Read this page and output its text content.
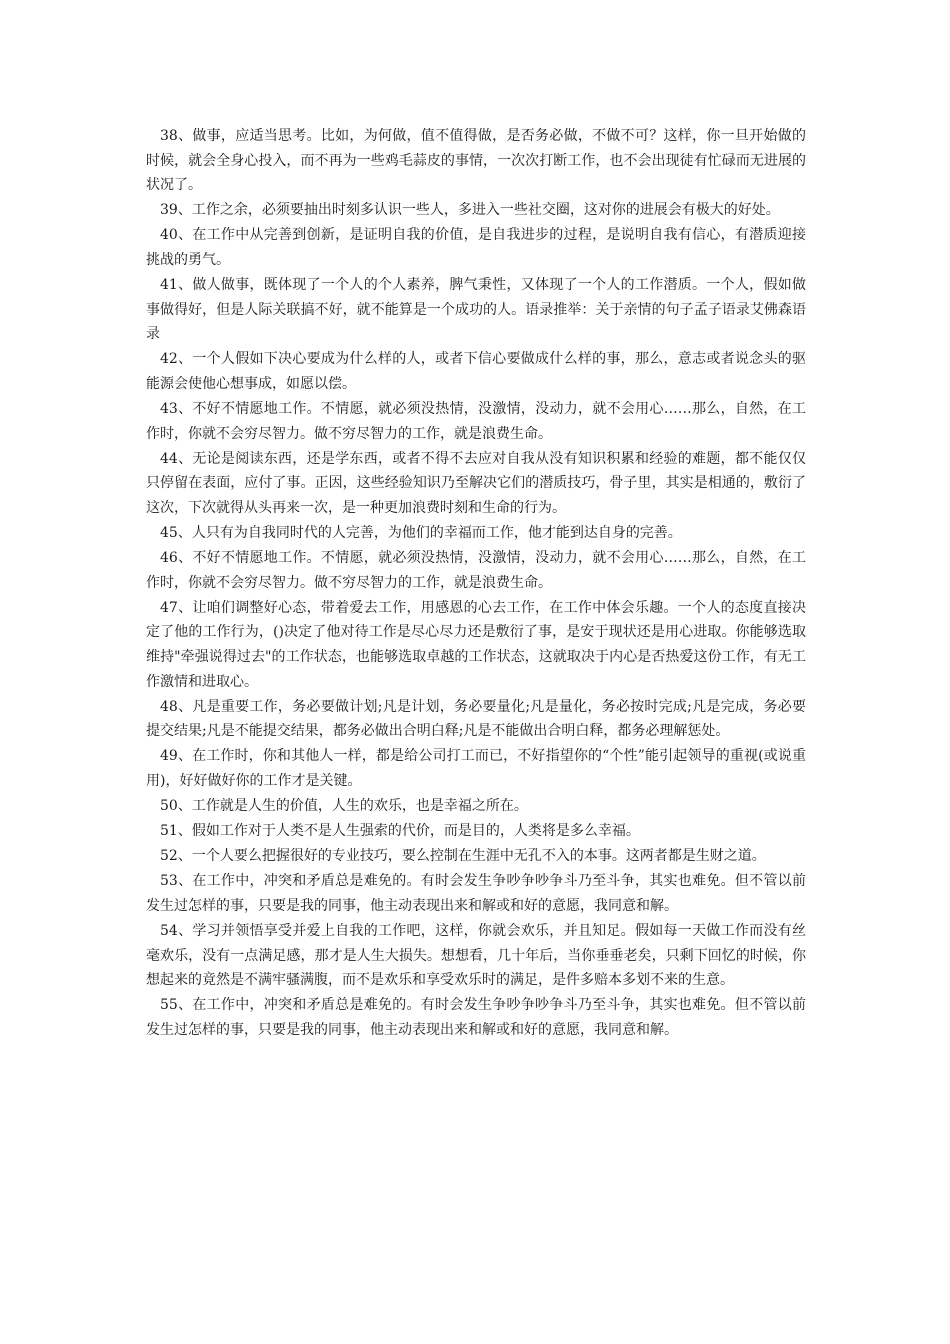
38、做事，应适当思考。比如，为何做，值不值得做，是否务必做，不做不可？这样，你一旦开始做的时候，就会全身心投入，而不再为一些鸡毛蒜皮的事情，一次次打断工作，也不会出现徒有忙碌而无进展的状况了。

39、工作之余，必须要抽出时刻多认识一些人，多进入一些社交圈，这对你的进展会有极大的好处。

40、在工作中从完善到创新，是证明自我的价值，是自我进步的过程，是说明自我有信心，有潜质迎接挑战的勇气。

41、做人做事，既体现了一个人的个人素养，脾气秉性，又体现了一个人的工作潜质。一个人，假如做事做得好，但是人际关联搞不好，就不能算是一个成功的人。语录推举：关于亲情的句子孟子语录艾佛森语录

42、一个人假如下决心要成为什么样的人，或者下信心要做成什么样的事，那么，意志或者说念头的驱能源会使他心想事成，如愿以偿。

43、不好不情愿地工作。不情愿，就必须没热情，没激情，没动力，就不会用心……那么，自然，在工作时，你就不会穷尽智力。做不穷尽智力的工作，就是浪费生命。

44、无论是阅读东西，还是学东西，或者不得不去应对自我从没有知识积累和经验的难题，都不能仅仅只停留在表面，应付了事。正因，这些经验知识乃至解决它们的潜质技巧，骨子里，其实是相通的，敷衍了这次，下次就得从头再来一次，是一种更加浪费时刻和生命的行为。

45、人只有为自我同时代的人完善，为他们的幸福而工作，他才能到达自身的完善。

46、不好不情愿地工作。不情愿，就必须没热情，没激情，没动力，就不会用心……那么，自然，在工作时，你就不会穷尽智力。做不穷尽智力的工作，就是浪费生命。

47、让咱们调整好心态，带着爱去工作，用感恩的心去工作，在工作中体会乐趣。一个人的态度直接决定了他的工作行为，()决定了他对待工作是尽心尽力还是敷衍了事，是安于现状还是用心进取。你能够选取维持"牵强说得过去"的工作状态，也能够选取卓越的工作状态，这就取决于内心是否热爱这份工作，有无工作激情和进取心。

48、凡是重要工作，务必要做计划;凡是计划，务必要量化;凡是量化，务必按时完成;凡是完成，务必要提交结果;凡是不能提交结果，都务必做出合明白释;凡是不能做出合明白释，都务必理解惩处。

49、在工作时，你和其他人一样，都是给公司打工而已，不好指望你的“个性”能引起领导的重视(或说重用)，好好做好你的工作才是关键。

50、工作就是人生的价值，人生的欢乐，也是幸福之所在。

51、假如工作对于人类不是人生强索的代价，而是目的，人类将是多么幸福。

52、一个人要么把握很好的专业技巧，要么控制在生涯中无孔不入的本事。这两者都是生财之道。

53、在工作中，冲突和矛盾总是难免的。有时会发生争吵争吵争斗乃至斗争，其实也难免。但不管以前发生过怎样的事，只要是我的同事，他主动表现出来和解或和好的意愿，我同意和解。

54、学习并领悟享受并爱上自我的工作吧，这样，你就会欢乐，并且知足。假如每一天做工作而没有丝毫欢乐，没有一点满足感，那才是人生大损失。想想看，几十年后，当你垂垂老矣，只剩下回忆的时候，你想起来的竟然是不满牢骚满腹，而不是欢乐和享受欢乐时的满足，是件多赔本多划不来的生意。

55、在工作中，冲突和矛盾总是难免的。有时会发生争吵争吵争斗乃至斗争，其实也难免。但不管以前发生过怎样的事，只要是我的同事，他主动表现出来和解或和好的意愿，我同意和解。
